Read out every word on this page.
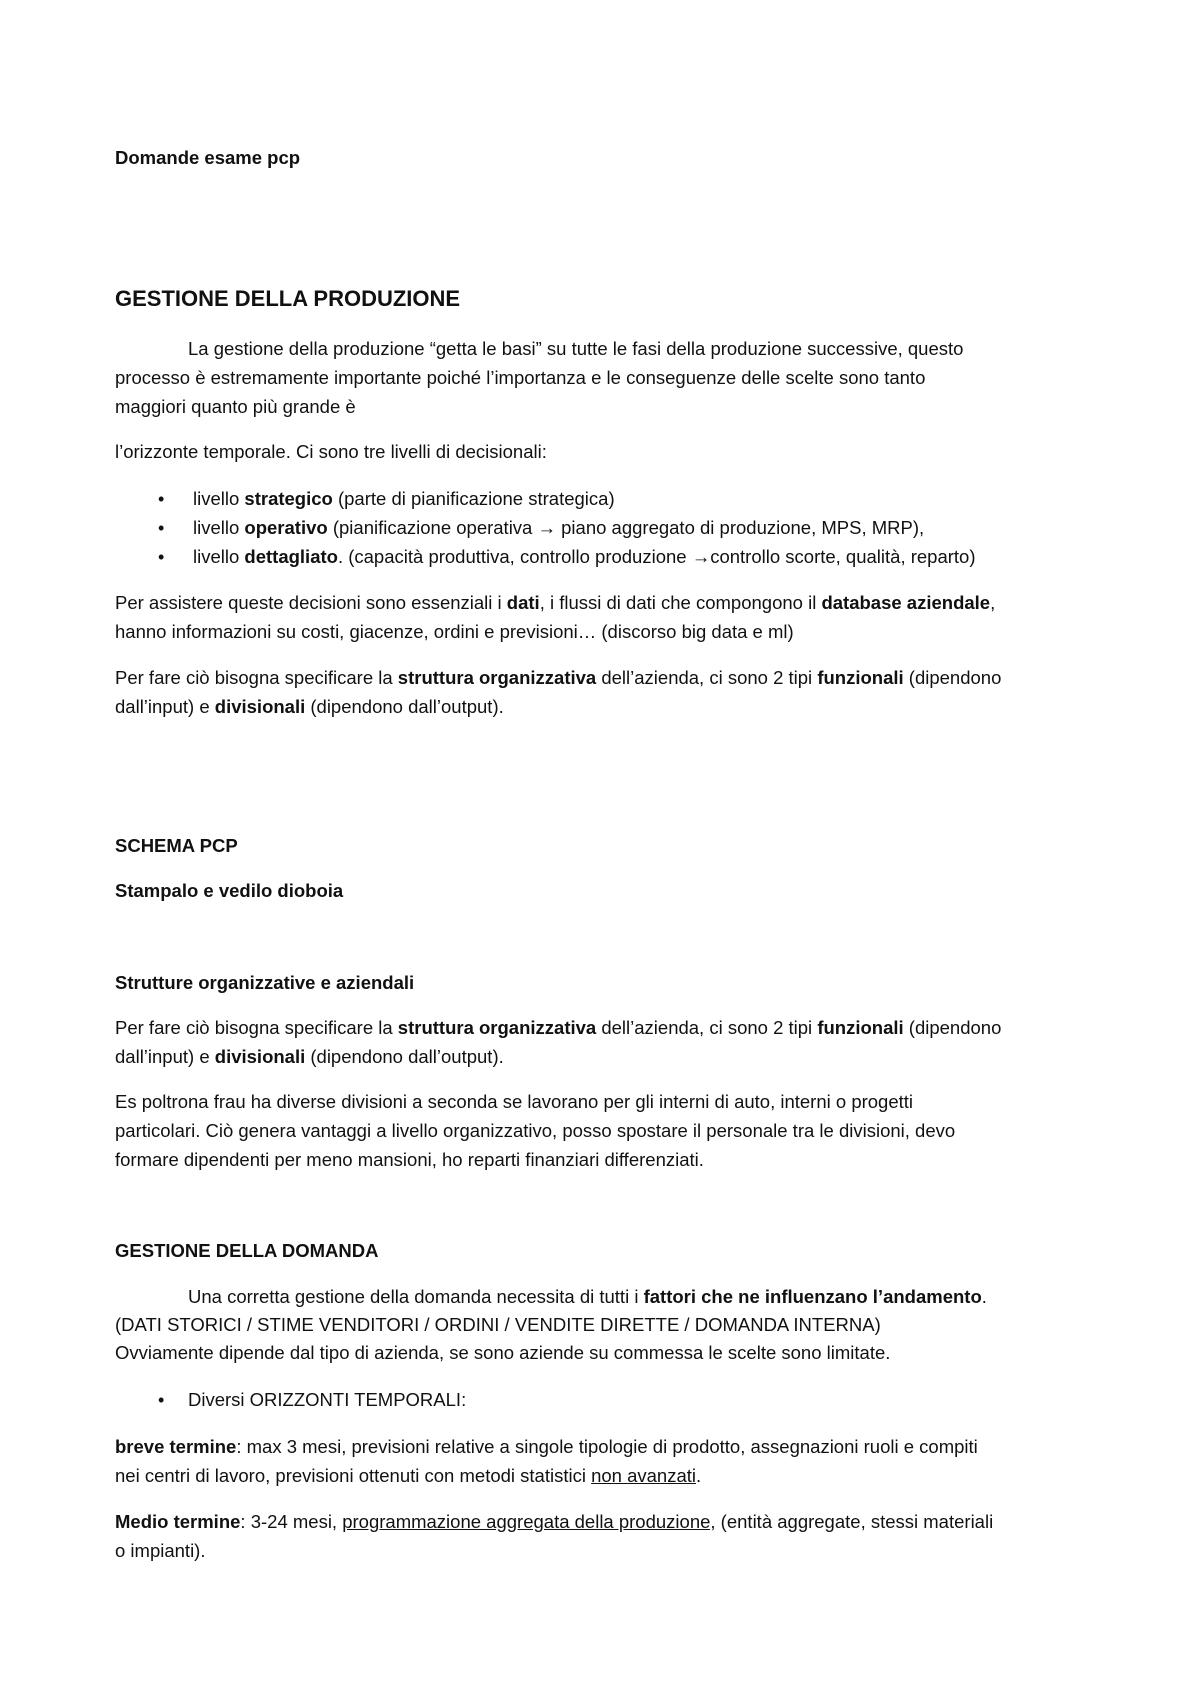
Domande esame pcp
GESTIONE DELLA PRODUZIONE
La gestione della produzione “getta le basi” su tutte le fasi della produzione successive, questo
processo è estremamente importante poiché l’importanza e le conseguenze delle scelte sono tanto
maggiori quanto più grande è
l’orizzonte temporale. Ci sono tre livelli di decisionali:
• livello strategico (parte di pianificazione strategica)
• livello operativo (pianificazione operativa → piano aggregato di produzione, MPS, MRP),
• livello dettagliato. (capacità produttiva, controllo produzione →controllo scorte, qualità, reparto)
Per assistere queste decisioni sono essenziali i dati, i flussi di dati che compongono il database aziendale,
hanno informazioni su costi, giacenze, ordini e previsioni… (discorso big data e ml)
Per fare ciò bisogna specificare la struttura organizzativa dell’azienda, ci sono 2 tipi funzionali (dipendono
dall’input) e divisionali (dipendono dall’output).
SCHEMA PCP
Stampalo e vedilo dioboia
Strutture organizzative e aziendali
Per fare ciò bisogna specificare la struttura organizzativa dell’azienda, ci sono 2 tipi funzionali (dipendono
dall’input) e divisionali (dipendono dall’output).
Es poltrona frau ha diverse divisioni a seconda se lavorano per gli interni di auto, interni o progetti
particolari. Ciò genera vantaggi a livello organizzativo, posso spostare il personale tra le divisioni, devo
formare dipendenti per meno mansioni, ho reparti finanziari differenziati.
GESTIONE DELLA DOMANDA
Una corretta gestione della domanda necessita di tutti i fattori che ne influenzano l’andamento.
(DATI STORICI / STIME VENDITORI / ORDINI / VENDITE DIRETTE / DOMANDA INTERNA)
Ovviamente dipende dal tipo di azienda, se sono aziende su commessa le scelte sono limitate.
• Diversi ORIZZONTI TEMPORALI:
breve termine: max 3 mesi, previsioni relative a singole tipologie di prodotto, assegnazioni ruoli e compiti
nei centri di lavoro, previsioni ottenuti con metodi statistici non avanzati.
Medio termine: 3-24 mesi, programmazione aggregata della produzione, (entità aggregate, stessi materiali
o impianti).
